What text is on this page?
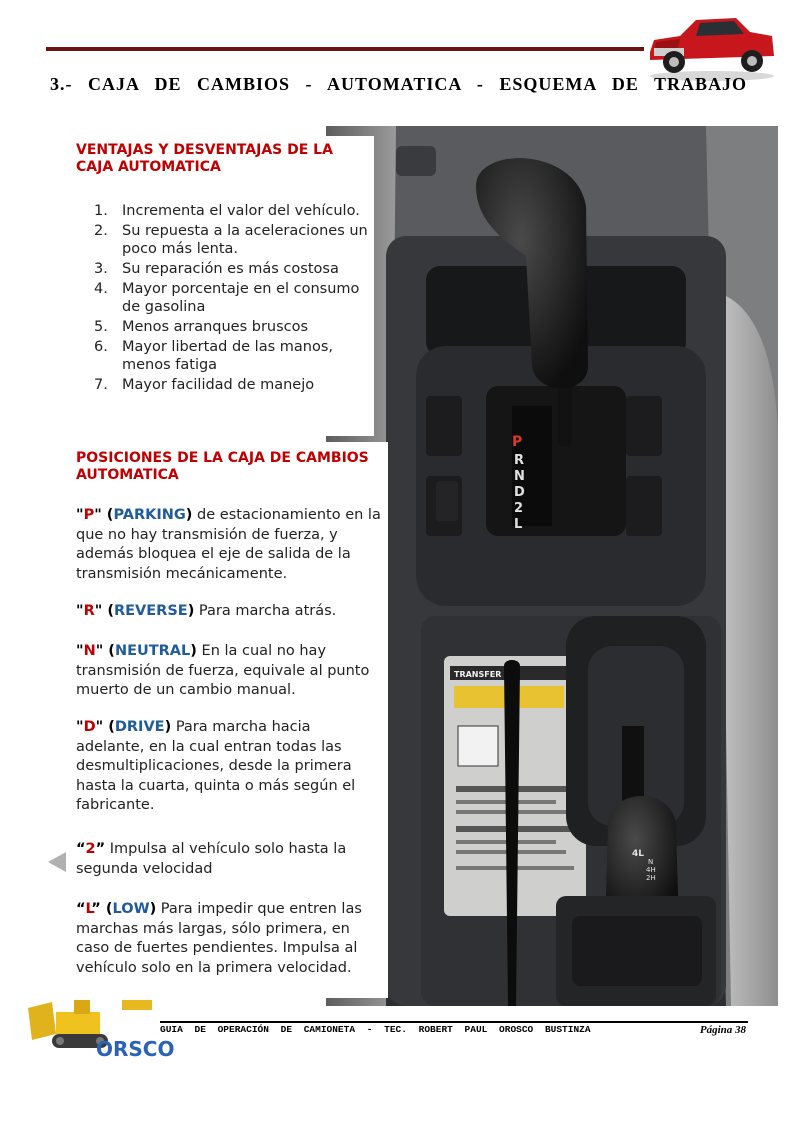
3.- CAJA DE CAMBIOS - AUTOMATICA - ESQUEMA DE TRABAJO
P
R
N
D
2
L
TRANSFER
4L
N
4H
2H

VENTAJAS Y DESVENTAJAS DE LA CAJA AUTOMATICA

1. Incrementa el valor del vehículo.
2. Su repuesta a la aceleraciones un poco más lenta.
3. Su reparación es más costosa
4. Mayor porcentaje en el consumo de gasolina
5. Menos arranques bruscos
6. Mayor libertad de las manos, menos fatiga
7. Mayor facilidad de manejo

POSICIONES DE LA CAJA DE CAMBIOS AUTOMATICA

"P" (PARKING) de estacionamiento en la que no hay transmisión de fuerza, y además bloquea el eje de salida de la transmisión mecánicamente.

"R" (REVERSE) Para marcha atrás.

"N" (NEUTRAL) En la cual no hay transmisión de fuerza, equivale al punto muerto de un cambio manual.

"D" (DRIVE) Para marcha hacia adelante, en la cual entran todas las desmultiplicaciones, desde la primera hasta la cuarta, quinta o más según el fabricante.

“2” Impulsa al vehículo solo hasta la segunda velocidad

“L” (LOW) Para impedir que entren las marchas más largas, sólo primera, en caso de fuertes pendientes. Impulsa al vehículo solo en la primera velocidad.

ORSCO
GUIA DE OPERACIÓN DE CAMIONETA - TEC. ROBERT PAUL OROSCO BUSTINZA	Página 38
